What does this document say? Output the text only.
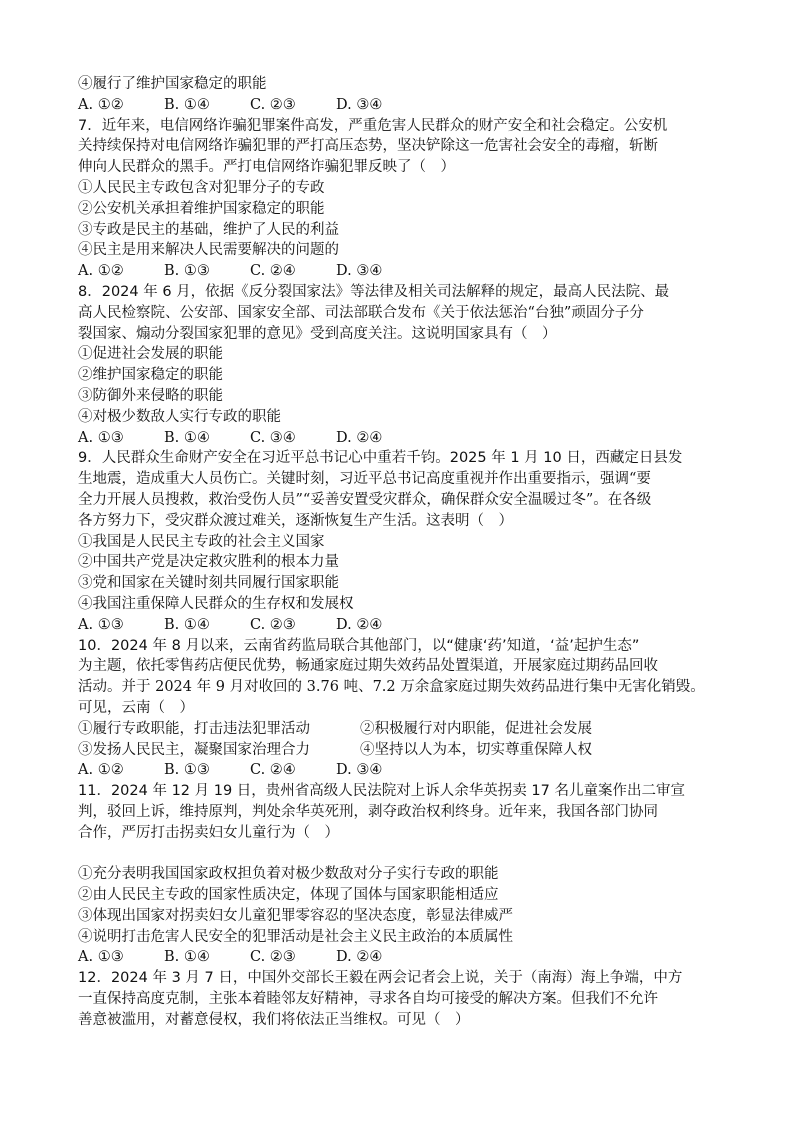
④履行了维护国家稳定的职能
A. ①②	B. ①④	C. ②③	D. ③④
7．近年来，电信网络诈骗犯罪案件高发，严重危害人民群众的财产安全和社会稳定。公安机
关持续保持对电信网络诈骗犯罪的严打高压态势，坚决铲除这一危害社会安全的毒瘤，斩断
伸向人民群众的黑手。严打电信网络诈骗犯罪反映了（　）
①人民民主专政包含对犯罪分子的专政
②公安机关承担着维护国家稳定的职能
③专政是民主的基础，维护了人民的利益
④民主是用来解决人民需要解决的问题的
A. ①②	B. ①③	C. ②④	D. ③④
8．2024 年 6 月，依据《反分裂国家法》等法律及相关司法解释的规定，最高人民法院、最
高人民检察院、公安部、国家安全部、司法部联合发布《关于依法惩治“台独”顽固分子分
裂国家、煽动分裂国家犯罪的意见》受到高度关注。这说明国家具有（　）
①促进社会发展的职能
②维护国家稳定的职能
③防御外来侵略的职能
④对极少数敌人实行专政的职能
A. ①③	B. ①④	C. ③④	D. ②④
9．人民群众生命财产安全在习近平总书记心中重若千钧。2025 年 1 月 10 日，西藏定日县发
生地震，造成重大人员伤亡。关键时刻，习近平总书记高度重视并作出重要指示，强调“要
全力开展人员搜救，救治受伤人员”“妥善安置受灾群众，确保群众安全温暖过冬”。在各级
各方努力下，受灾群众渡过难关，逐渐恢复生产生活。这表明（　）
①我国是人民民主专政的社会主义国家
②中国共产党是决定救灾胜利的根本力量
③党和国家在关键时刻共同履行国家职能
④我国注重保障人民群众的生存权和发展权
A. ①③	B. ①④	C. ②③	D. ②④
10．2024 年 8 月以来，云南省药监局联合其他部门，以“健康‘药’知道，‘益’起护生态”
为主题，依托零售药店便民优势，畅通家庭过期失效药品处置渠道，开展家庭过期药品回收
活动。并于 2024 年 9 月对收回的 3.76 吨、7.2 万余盒家庭过期失效药品进行集中无害化销毁。
可见，云南（　）
①履行专政职能，打击违法犯罪活动	②积极履行对内职能，促进社会发展
③发扬人民民主，凝聚国家治理合力	④坚持以人为本，切实尊重保障人权
A. ①②	B. ①③	C. ②④	D. ③④
11．2024 年 12 月 19 日，贵州省高级人民法院对上诉人余华英拐卖 17 名儿童案作出二审宣
判，驳回上诉，维持原判，判处余华英死刑，剥夺政治权利终身。近年来，我国各部门协同
合作，严厉打击拐卖妇女儿童行为（　）
①充分表明我国国家政权担负着对极少数敌对分子实行专政的职能
②由人民民主专政的国家性质决定，体现了国体与国家职能相适应
③体现出国家对拐卖妇女儿童犯罪零容忍的坚决态度，彰显法律威严
④说明打击危害人民安全的犯罪活动是社会主义民主政治的本质属性
A. ①③	B. ①④	C. ②③	D. ②④
12．2024 年 3 月 7 日，中国外交部长王毅在两会记者会上说，关于（南海）海上争端，中方
一直保持高度克制，主张本着睦邻友好精神，寻求各自均可接受的解决方案。但我们不允许
善意被滥用，对蓄意侵权，我们将依法正当维权。可见（　）
